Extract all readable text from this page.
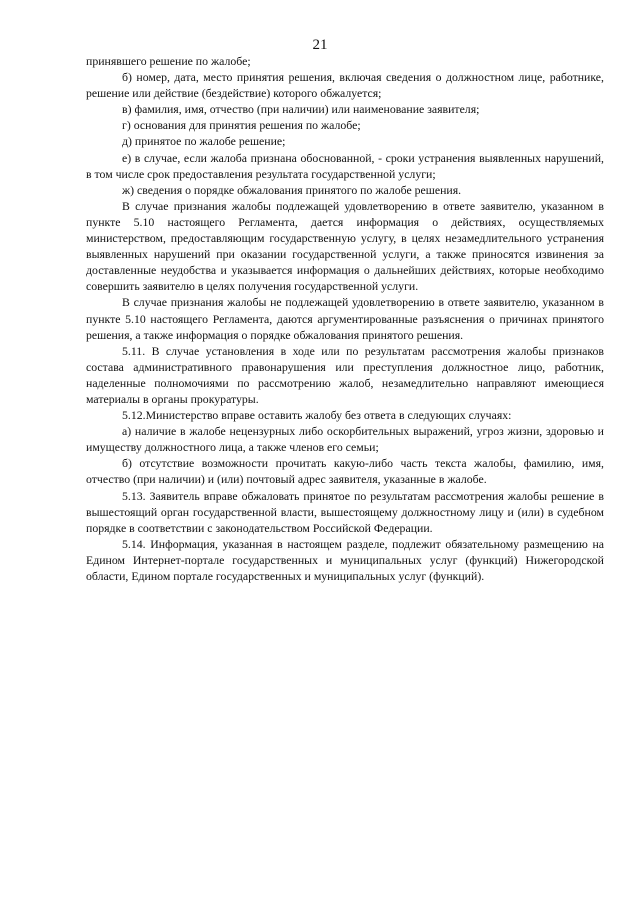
21

принявшего решение по жалобе;

б) номер, дата, место принятия решения, включая сведения о должностном лице, работнике, решение или действие (бездействие) которого обжалуется;

в) фамилия, имя, отчество (при наличии) или наименование заявителя;

г) основания для принятия решения по жалобе;

д) принятое по жалобе решение;

е) в случае, если жалоба признана обоснованной, - сроки устранения выявленных нарушений, в том числе срок предоставления результата государственной услуги;

ж) сведения о порядке обжалования принятого по жалобе решения.

В случае признания жалобы подлежащей удовлетворению в ответе заявителю, указанном в пункте 5.10 настоящего Регламента, дается информация о действиях, осуществляемых министерством, предоставляющим государственную услугу, в целях незамедлительного устранения выявленных нарушений при оказании государственной услуги, а также приносятся извинения за доставленные неудобства и указывается информация о дальнейших действиях, которые необходимо совершить заявителю в целях получения государственной услуги.

В случае признания жалобы не подлежащей удовлетворению в ответе заявителю, указанном в пункте 5.10 настоящего Регламента, даются аргументированные разъяснения о причинах принятого решения, а также информация о порядке обжалования принятого решения.

5.11. В случае установления в ходе или по результатам рассмотрения жалобы признаков состава административного правонарушения или преступления должностное лицо, работник, наделенные полномочиями по рассмотрению жалоб, незамедлительно направляют имеющиеся материалы в органы прокуратуры.

5.12.Министерство вправе оставить жалобу без ответа в следующих случаях:

а) наличие в жалобе нецензурных либо оскорбительных выражений, угроз жизни, здоровью и имуществу должностного лица, а также членов его семьи;

б) отсутствие возможности прочитать какую-либо часть текста жалобы, фамилию, имя, отчество (при наличии) и (или) почтовый адрес заявителя, указанные в жалобе.

5.13. Заявитель вправе обжаловать принятое по результатам рассмотрения жалобы решение в вышестоящий орган государственной власти, вышестоящему должностному лицу и (или) в судебном порядке в соответствии с законодательством Российской Федерации.

5.14. Информация, указанная в настоящем разделе, подлежит обязательному размещению на Едином Интернет-портале государственных и муниципальных услуг (функций) Нижегородской области, Едином портале государственных и муниципальных услуг (функций).
